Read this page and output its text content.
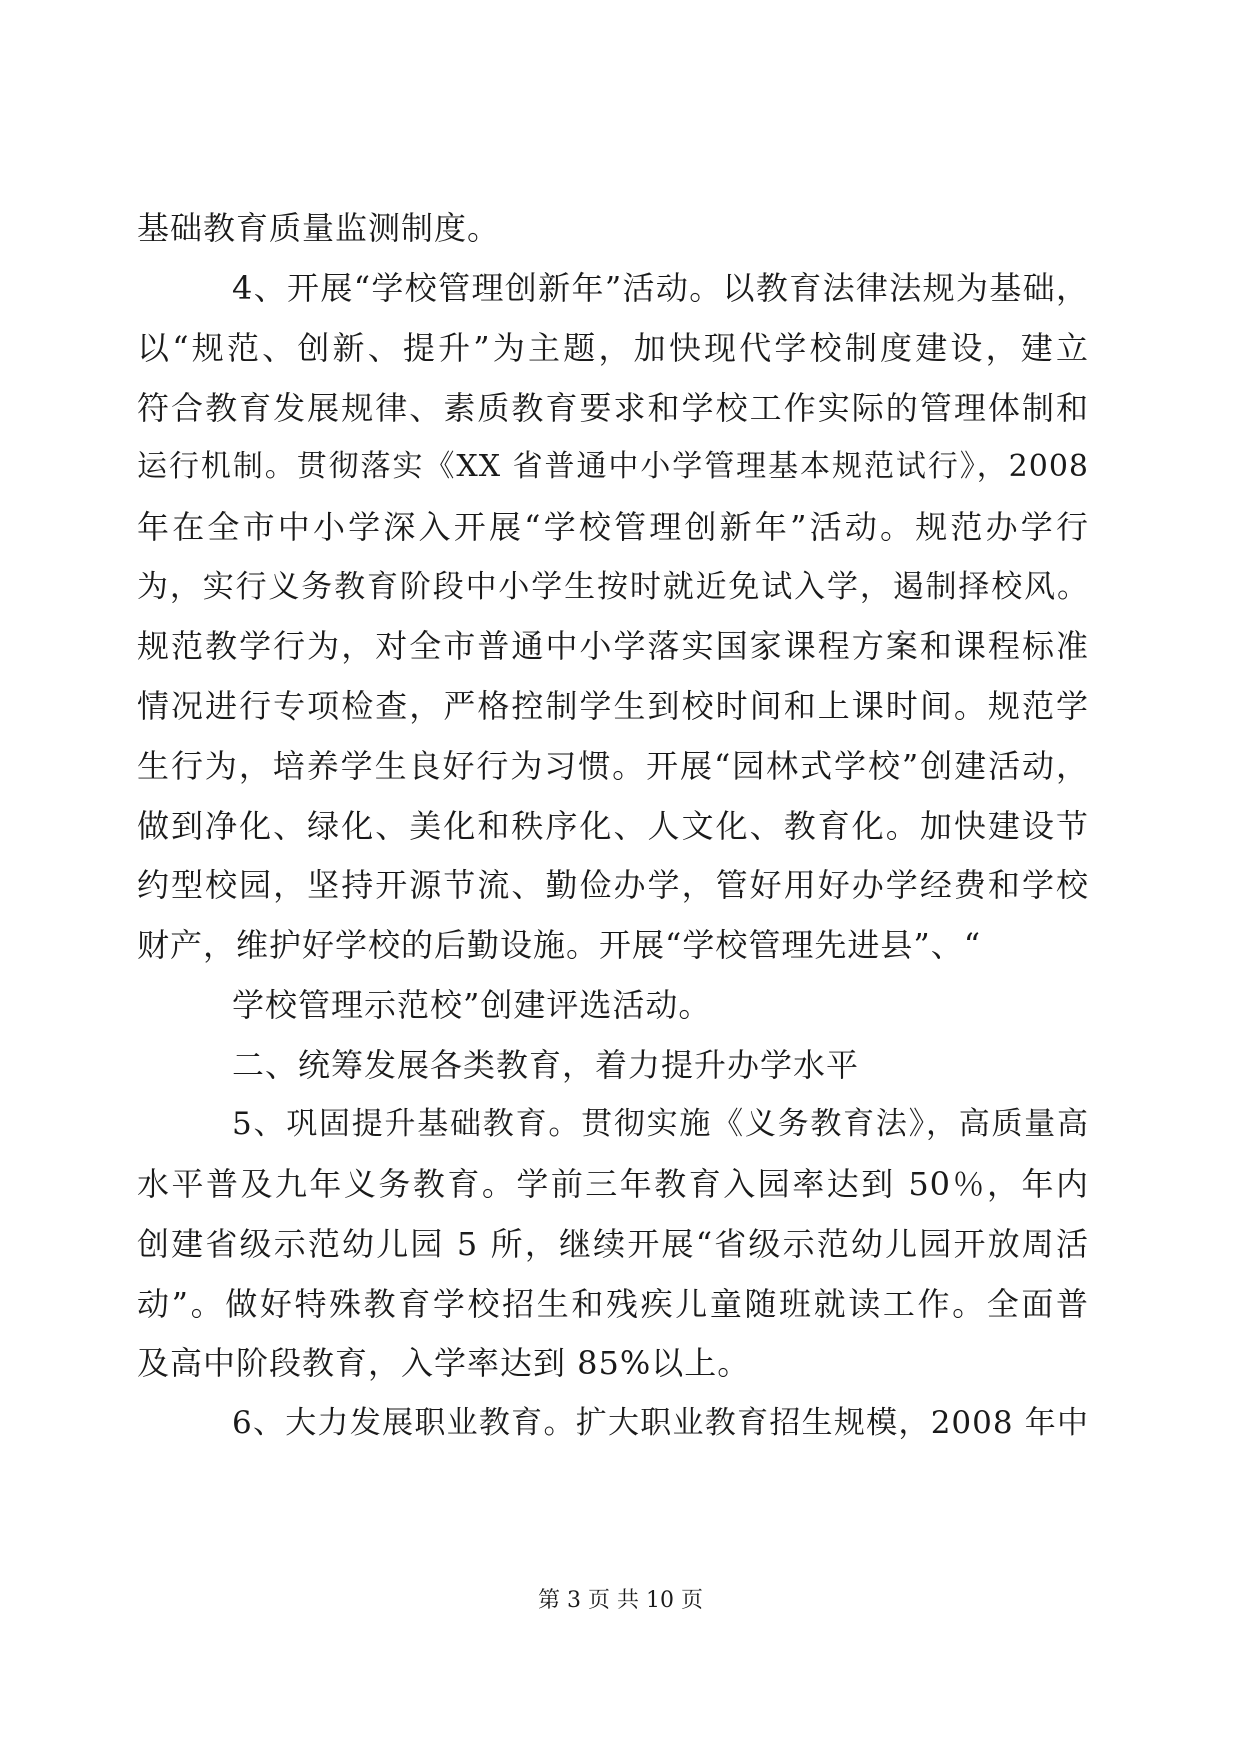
基础教育质量监测制度。
4、开展“学校管理创新年”活动。以教育法律法规为基础，
以“规范、创新、提升”为主题，加快现代学校制度建设，建立
符合教育发展规律、素质教育要求和学校工作实际的管理体制和
运行机制。贯彻落实《XX 省普通中小学管理基本规范试行》，2008
年在全市中小学深入开展“学校管理创新年”活动。规范办学行
为，实行义务教育阶段中小学生按时就近免试入学，遏制择校风。
规范教学行为，对全市普通中小学落实国家课程方案和课程标准
情况进行专项检查，严格控制学生到校时间和上课时间。规范学
生行为，培养学生良好行为习惯。开展“园林式学校”创建活动，
做到净化、绿化、美化和秩序化、人文化、教育化。加快建设节
约型校园，坚持开源节流、勤俭办学，管好用好办学经费和学校
财产，维护好学校的后勤设施。开展“学校管理先进县”、“
学校管理示范校”创建评选活动。
二、统筹发展各类教育，着力提升办学水平
5、巩固提升基础教育。贯彻实施《义务教育法》，高质量高
水平普及九年义务教育。学前三年教育入园率达到 50％，年内
创建省级示范幼儿园 5 所，继续开展“省级示范幼儿园开放周活
动”。做好特殊教育学校招生和残疾儿童随班就读工作。全面普
及高中阶段教育，入学率达到 85%以上。
6、大力发展职业教育。扩大职业教育招生规模，2008 年中
第 3 页 共 10 页
